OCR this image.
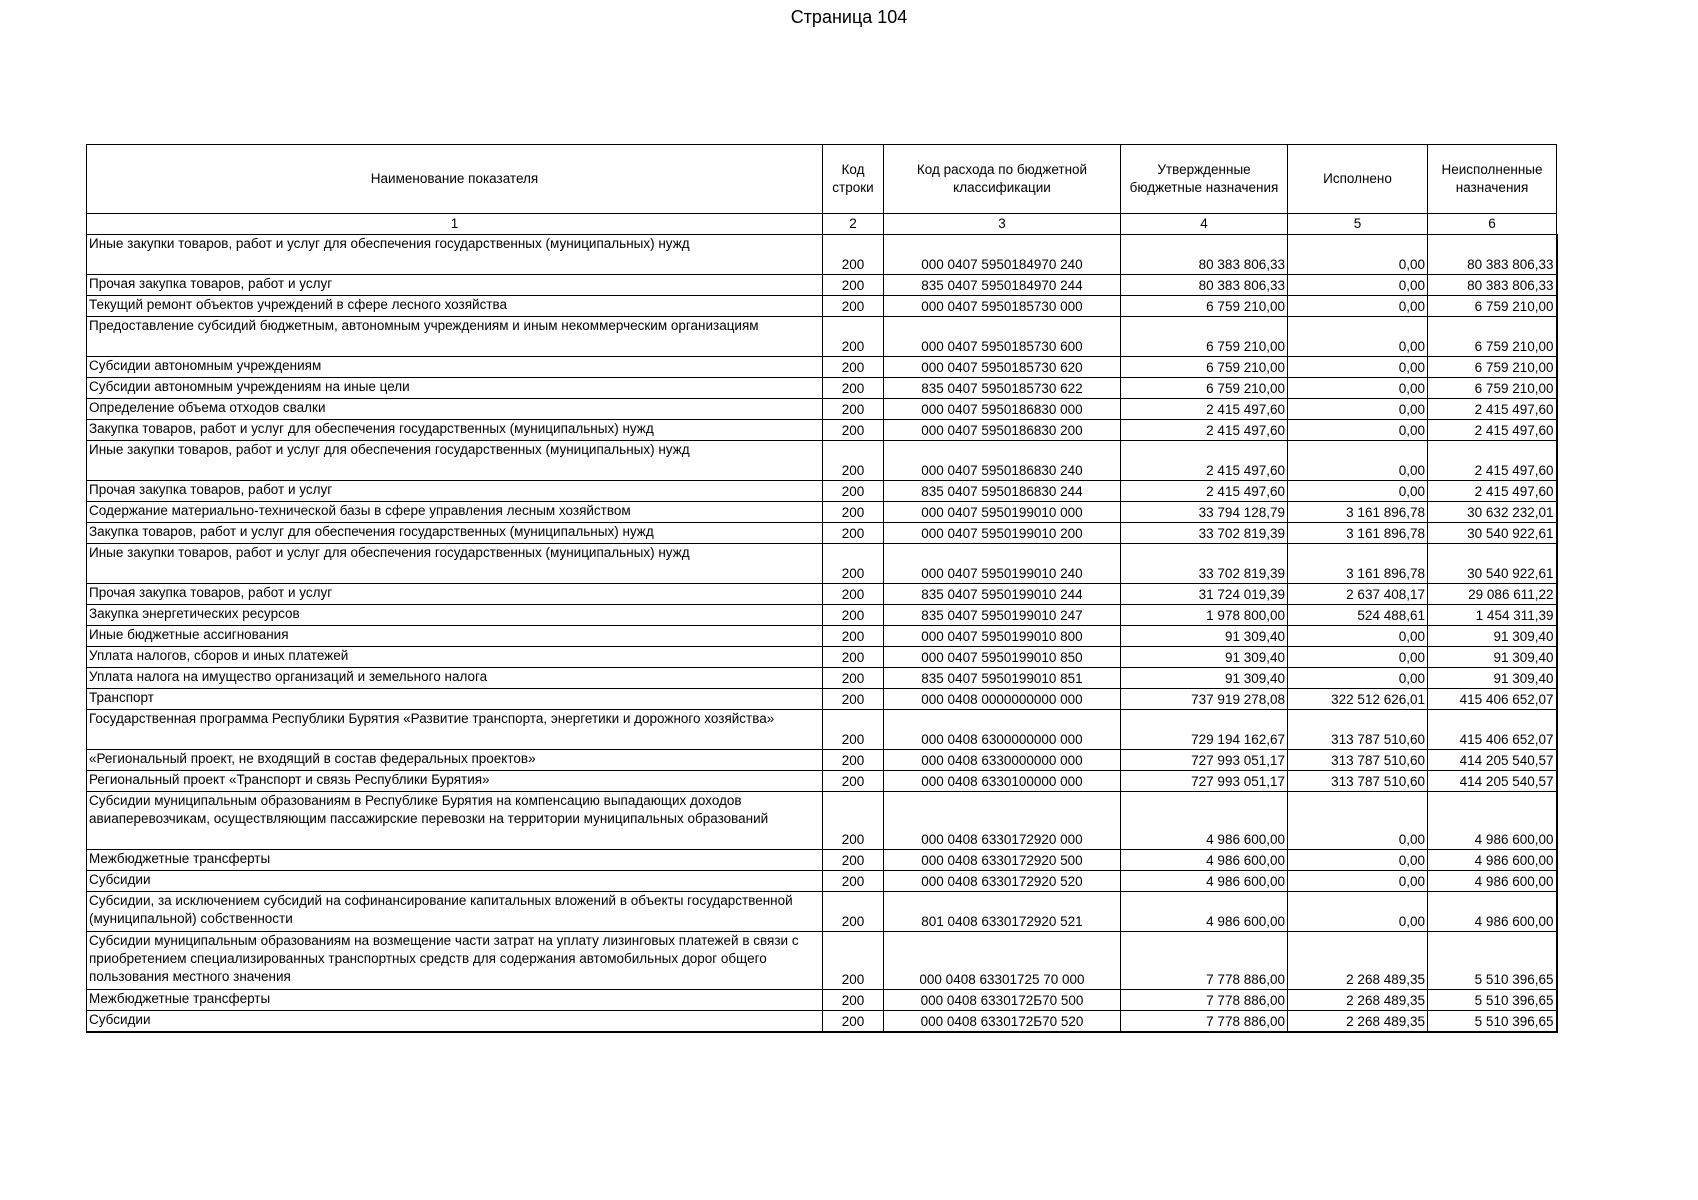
Страница 104
Наименование показателя	Код строки	Код расхода по бюджетной классификации	Утвержденные бюджетные назначения	Исполнено	Неисполненные назначения
1	2	3	4	5	6
Иные закупки товаров, работ и услуг для обеспечения государственных (муниципальных) нужд	200	000 0407 5950184970 240	80 383 806,33	0,00	80 383 806,33
Прочая закупка товаров, работ и услуг	200	835 0407 5950184970 244	80 383 806,33	0,00	80 383 806,33
Текущий ремонт объектов учреждений в сфере лесного хозяйства	200	000 0407 5950185730 000	6 759 210,00	0,00	6 759 210,00
Предоставление субсидий бюджетным, автономным учреждениям и иным некоммерческим организациям	200	000 0407 5950185730 600	6 759 210,00	0,00	6 759 210,00
Субсидии автономным учреждениям	200	000 0407 5950185730 620	6 759 210,00	0,00	6 759 210,00
Субсидии автономным учреждениям на иные цели	200	835 0407 5950185730 622	6 759 210,00	0,00	6 759 210,00
Определение объема отходов свалки	200	000 0407 5950186830 000	2 415 497,60	0,00	2 415 497,60
Закупка товаров, работ и услуг для обеспечения государственных (муниципальных) нужд	200	000 0407 5950186830 200	2 415 497,60	0,00	2 415 497,60
Иные закупки товаров, работ и услуг для обеспечения государственных (муниципальных) нужд	200	000 0407 5950186830 240	2 415 497,60	0,00	2 415 497,60
Прочая закупка товаров, работ и услуг	200	835 0407 5950186830 244	2 415 497,60	0,00	2 415 497,60
Содержание материально-технической базы в сфере управления лесным хозяйством	200	000 0407 5950199010 000	33 794 128,79	3 161 896,78	30 632 232,01
Закупка товаров, работ и услуг для обеспечения государственных (муниципальных) нужд	200	000 0407 5950199010 200	33 702 819,39	3 161 896,78	30 540 922,61
Иные закупки товаров, работ и услуг для обеспечения государственных (муниципальных) нужд	200	000 0407 5950199010 240	33 702 819,39	3 161 896,78	30 540 922,61
Прочая закупка товаров, работ и услуг	200	835 0407 5950199010 244	31 724 019,39	2 637 408,17	29 086 611,22
Закупка энергетических ресурсов	200	835 0407 5950199010 247	1 978 800,00	524 488,61	1 454 311,39
Иные бюджетные ассигнования	200	000 0407 5950199010 800	91 309,40	0,00	91 309,40
Уплата налогов, сборов и иных платежей	200	000 0407 5950199010 850	91 309,40	0,00	91 309,40
Уплата налога на имущество организаций и земельного налога	200	835 0407 5950199010 851	91 309,40	0,00	91 309,40
Транспорт	200	000 0408 0000000000 000	737 919 278,08	322 512 626,01	415 406 652,07
Государственная программа Республики Бурятия «Развитие транспорта, энергетики и дорожного хозяйства»	200	000 0408 6300000000 000	729 194 162,67	313 787 510,60	415 406 652,07
«Региональный проект, не входящий в состав федеральных проектов»	200	000 0408 6330000000 000	727 993 051,17	313 787 510,60	414 205 540,57
Региональный проект «Транспорт и связь Республики Бурятия»	200	000 0408 6330100000 000	727 993 051,17	313 787 510,60	414 205 540,57
Субсидии муниципальным образованиям в Республике Бурятия на компенсацию выпадающих доходов авиаперевозчикам, осуществляющим пассажирские перевозки на территории муниципальных образований	200	000 0408 6330172920 000	4 986 600,00	0,00	4 986 600,00
Межбюджетные трансферты	200	000 0408 6330172920 500	4 986 600,00	0,00	4 986 600,00
Субсидии	200	000 0408 6330172920 520	4 986 600,00	0,00	4 986 600,00
Субсидии, за исключением субсидий на софинансирование капитальных вложений в объекты государственной (муниципальной) собственности	200	801 0408 6330172920 521	4 986 600,00	0,00	4 986 600,00
Субсидии муниципальным образованиям на возмещение части затрат на уплату лизинговых платежей в связи с приобретением специализированных транспортных средств для содержания автомобильных дорог общего пользования местного значения	200	000 0408 63301725 70 000	7 778 886,00	2 268 489,35	5 510 396,65
Межбюджетные трансферты	200	000 0408 6330172Б70 500	7 778 886,00	2 268 489,35	5 510 396,65
Субсидии	200	000 0408 6330172Б70 520	7 778 886,00	2 268 489,35	5 510 396,65
